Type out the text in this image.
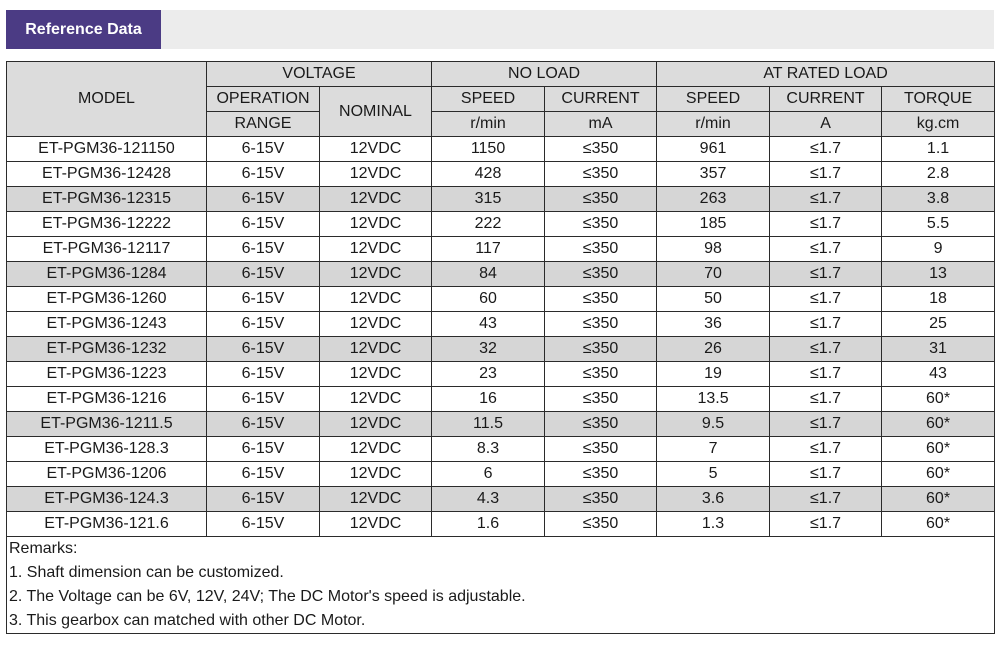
Reference Data
MODEL	VOLTAGE		NO LOAD		AT RATED LOAD		
	OPERATION	NOMINAL	SPEED	CURRENT	SPEED	CURRENT	TORQUE
	RANGE		r/min	mA	r/min	A	kg.cm
ET-PGM36-121150	6-15V	12VDC	1150	≤350	961	≤1.7	1.1
ET-PGM36-12428	6-15V	12VDC	428	≤350	357	≤1.7	2.8
ET-PGM36-12315	6-15V	12VDC	315	≤350	263	≤1.7	3.8
ET-PGM36-12222	6-15V	12VDC	222	≤350	185	≤1.7	5.5
ET-PGM36-12117	6-15V	12VDC	117	≤350	98	≤1.7	9
ET-PGM36-1284	6-15V	12VDC	84	≤350	70	≤1.7	13
ET-PGM36-1260	6-15V	12VDC	60	≤350	50	≤1.7	18
ET-PGM36-1243	6-15V	12VDC	43	≤350	36	≤1.7	25
ET-PGM36-1232	6-15V	12VDC	32	≤350	26	≤1.7	31
ET-PGM36-1223	6-15V	12VDC	23	≤350	19	≤1.7	43
ET-PGM36-1216	6-15V	12VDC	16	≤350	13.5	≤1.7	60*
ET-PGM36-1211.5	6-15V	12VDC	11.5	≤350	9.5	≤1.7	60*
ET-PGM36-128.3	6-15V	12VDC	8.3	≤350	7	≤1.7	60*
ET-PGM36-1206	6-15V	12VDC	6	≤350	5	≤1.7	60*
ET-PGM36-124.3	6-15V	12VDC	4.3	≤350	3.6	≤1.7	60*
ET-PGM36-121.6	6-15V	12VDC	1.6	≤350	1.3	≤1.7	60*
Remarks:							
1. Shaft dimension can be customized.							
2. The Voltage can be 6V, 12V, 24V; The DC Motor's speed is adjustable.							
3. This gearbox can matched with other DC Motor.							
